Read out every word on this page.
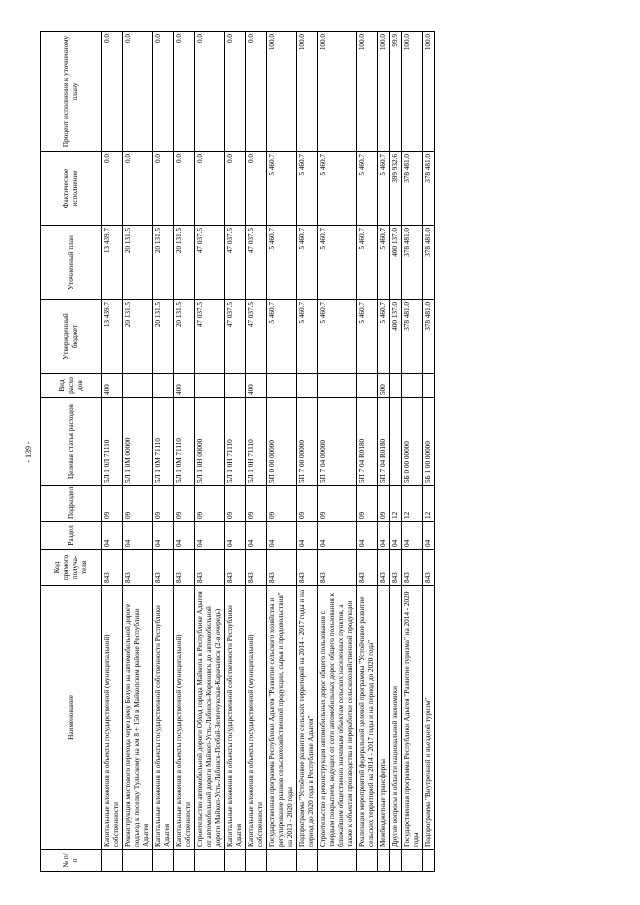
- 139 -
№ п/п	Наименование	Код прямого получа-теля	Раздел	Подраздел	Целевая статья расходов	Вид расхо дов	Утвержденный бюджет	Уточненный план	Фактическое исполнение	Процент исполнения к уточненному плану
	Капитальные вложения в объекты государственной (муниципальной) собственности	843	04	09	5Л 1 0Л 71110	400	13 439.7	13 439.7	0.0	0.0
	Реконструкция мостового перехода через реку Белую на автомобильной дороге подъезд к поселку Тульскому на км 8 + 150 в Майкопском районе Республики Адыгея	843	04	09	5Л 1 0М 00000		20 131.5	20 131.5	0.0	0.0
	Капитальные вложения в объекты государственной собственности Республики Адыгея	843	04	09	5Л 1 0М 71110		20 131.5	20 131.5	0.0	0.0
	Капитальные вложения в объекты государственной (муниципальной) собственности	843	04	09	5Л 1 0М 71110	400	20 131.5	20 131.5	0.0	0.0
	Строительство автомобильной дороги Обход города Майкопа в Республике Адыгея от автомобильной дороги Майкоп-Усть-Лабинск-Кореновск до автомобильной дороги Майкоп-Усть-Лабинск-Псебай-Зеленчукская-Карачаевск (2-я очередь)	843	04	09	5Л 1 0Н 00000		47 037.5	47 037.5	0.0	0.0
	Капитальные вложения в объекты государственной собственности Республики Адыгея	843	04	09	5Л 1 0Н 71110		47 037.5	47 037.5	0.0	0.0
	Капитальные вложения в объекты государственной (муниципальной) собственности	843	04	09	5Л 1 0Н 71110	400	47 037.5	47 037.5	0.0	0.0
	Государственная программа Республики Адыгея "Развитие сельского хозяйства и регулирование рынков сельскохозяйственной продукции, сырья и продовольствия" на 2013 - 2020 годы	843	04	09	5П 0 00 00000		5 460.7	5 460.7	5 460.7	100.0
	Подпрограмма "Устойчивое развитие сельских территорий на 2014 - 2017 годы и на период до 2020 года в Республике Адыгея"	843	04	09	5П 7 00 00000		5 460.7	5 460.7	5 460.7	100.0
	Строительство и реконструкция автомобильных дорог общего пользования с твердым покрытием, ведущих от сети автомобильных дорог общего пользования к ближайшим общественно значимым объектам сельских населенных пунктов, а также к объектам производства и переработки сельскохозяйственной продукции	843	04	09	5П 7 04 00000		5 460.7	5 460.7	5 460.7	100.0
	Реализация мероприятий федеральной целевой программы "Устойчивое развитие сельских территорий на 2014 - 2017 годы и на период до 2020 года"	843	04	09	5П 7 04 R0180		5 460.7	5 460.7	5 460.7	100.0
	Межбюджетные трансферты	843	04	09	5П 7 04 R0180	500	5 460.7	5 460.7	5 460.7	100.0
	Другие вопросы в области национальной экономики	843	04	12			400 137.0	400 137.0	399 932.6	99.9
	Государственная программа Республики Адыгея "Развитие туризма" на 2014 - 2020 годы	843	04	12	5Б 0 00 00000		378 481.0	378 481.0	378 481.0	100.0
	Подпрограмма "Внутренний и въездной туризм"	843	04	12	5Б 1 00 00000		378 481.0	378 481.0	378 481.0	100.0
